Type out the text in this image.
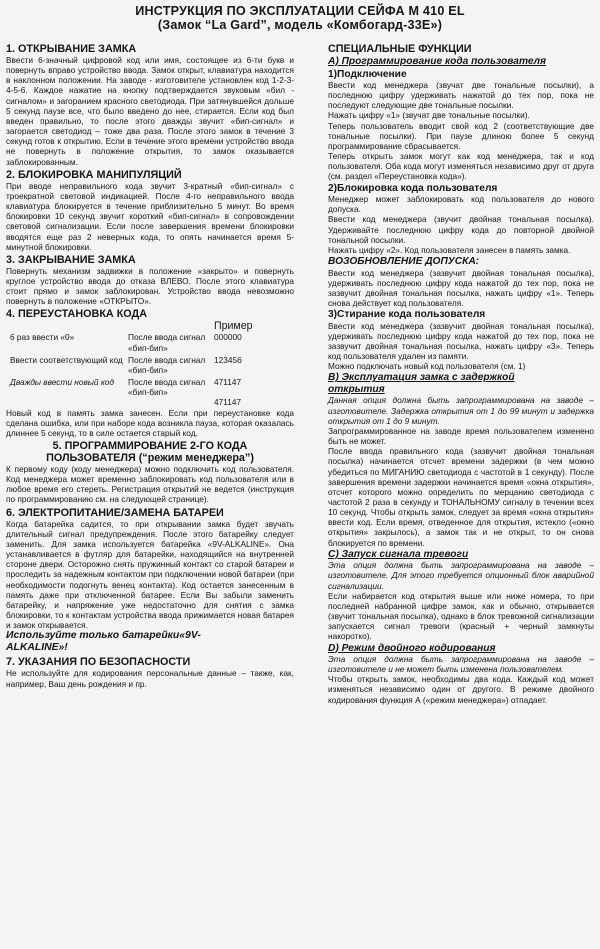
ИНСТРУКЦИЯ ПО ЭКСПЛУАТАЦИИ СЕЙФА М 410 EL
(Замок “La Gard”, модель «Комбогард-33Е»)
1. ОТКРЫВАНИЕ ЗАМКА

Ввести 6-значный цифровой код или имя, состоящее из 6-ти букв и повернуть вправо устройство ввода. Замок открыт, клавиатура находится в наклонном положении. На заводе - изготовителе установлен код 1-2-3-4-5-6. Каждое нажатие на кнопку подтверждается звуковым «бил - сигналом» и загоранием красного светодиода. При затянувшейся дольше 5 секунд паузе все, что было введено до нее, стирается. Если код был введен правильно, то после этого дважды звучит «бип-сигнал» и загорается светодиод – тоже два раза. После этого замок в течение 3 секунд готов к открытию. Если в течение этого времени устройство ввода не повернуть в положение открытия, то замок оказывается заблокированным.

2. БЛОКИРОВКА МАНИПУЛЯЦИЙ

При вводе неправильного кода звучит 3-кратный «бип-сигнал» с троекратной световой индикацией. После 4-го неправильного ввода клавиатура блокируется в течение приблизительно 5 минут. Во время блокировки 10 секунд звучит короткий «бип-сигнал» в сопровождении световой сигнализации. Если после завершения времени блокировки вводятся еще раз 2 неверных кода, то опять начинается время 5-минутной блокировки.

3. ЗАКРЫВАНИЕ ЗАМКА

Повернуть механизм задвижки в положение «закрыто» и повернуть круглое устройство ввода до отказа ВЛЕВО. После этого клавиатура стоит прямо и замок заблокирован. Устройство ввода невозможно повернуть в положение «ОТКРЫТО».

4. ПЕРЕУСТАНОВКА КОДА
		Пример
6 раз ввести «0»	После ввода сигнал «бип-бип»	000000

Ввести соответствующий код	После ввода сигнал «бип-бип»	123456

Дважды ввести новый код	После ввода сигнал «бип-бип»	471147
		471147

Новый код в память замка занесен. Если при переустановке кода сделана ошибка, или при наборе кода возникла пауза, которая оказалась длиннее 5 секунд, то в силе остается старый код.

5. ПРОГРАММИРОВАНИЕ 2-ГО КОДА
ПОЛЬЗОВАТЕЛЯ (“режим менеджера”)

К первому коду (коду менеджера) можно подключить код пользователя. Код менеджера может временно заблокировать код пользователя или в любое время его стереть. Регистрация открытий не ведется (инструкция по программированию см. на следующей странице).

6. ЭЛЕКТРОПИТАНИЕ/ЗАМЕНА БАТАРЕИ

Когда батарейка садится, то при открывании замка будет звучать длительный сигнал предупреждения. После этого батарейку следует заменить. Для замка используется батарейка «9V-ALKALINE». Она устанавливается в футляр для батарейки, находящийся на внутренней стороне двери. Осторожно снять пружинный контакт со старой батареи и проследить за надежным контактом при подключении новой батареи (при необходимости подогнуть венец контакта). Код остается занесенным в память даже при отключенной батарее. Если Вы забыли заменить батарейку, и напряжение уже недостаточно для снятия с замка блокировки, то к контактам устройства ввода прижимается новая батарея и замок открывается.

Используйте только батарейки«9V-

ALKALINE»!

7. УКАЗАНИЯ ПО БЕЗОПАСНОСТИ

Не используйте для кодирования персональные данные – также, как, например, Ваш день рождения и пр.

СПЕЦИАЛЬНЫЕ ФУНКЦИИ
А) Программирование кода пользователя
1)Подключение

Ввести код менеджера (звучат две тональные посылки), а последнюю цифру удерживать нажатой до тех пор, пока не последуют следующие две тональные посылки.
Нажать цифру «1» (звучат две тональные посылки).
Теперь пользователь вводит свой код 2 (соответствующие две тональные посылки). При паузе длиною более 5 секунд программирование сбрасывается.
Теперь открыть замок могут как код менеджера, так и код пользователя. Оба кода могут изменяться независимо друг от друга (см. раздел «Переустановка кода»).

2)Блокировка кода пользователя

Менеджер может заблокировать код пользователя до нового допуска.
Ввести код менеджера (звучит двойная тональная посылка). Удерживайте последнюю цифру кода до повторной двойной тональной посылки.
Нажать цифру «2». Код пользователя занесен в память замка.

ВОЗОБНОВЛЕНИЕ ДОПУСКА:

Ввести код менеджера (зазвучит двойная тональная посылка), удерживать последнюю цифру кода нажатой до тех пор, пока не зазвучит двойная тональная посылка, нажать цифру «1». Теперь снова действует код пользователя.

3)Стирание кода пользователя

Ввести код менеджера (зазвучит двойная тональная посылка), удерживать последнюю цифру кода нажатой до тех пор, пока не зазвучит двойная тональная посылка, нажать цифру «3». Теперь код пользователя удален из памяти.
Можно подключать новый код пользователя (см. 1)

В) Эксплуатация замка с задержкой
открытия

Данная опция должна быть запрограммирована на заводе – изготовителе. Задержка открытия от 1 до 99 минут и задержка открытия от 1 до 9 минут.

Запрограммированное на заводе время пользователем изменено быть не может.
После ввода правильного кода (зазвучит двойная тональная посылка) начинается отсчет времени задержки (в чем можно убедиться по МИГАНИЮ светодиода с частотой в 1 секунду). После завершения времени задержки начинается время «окна открытия», отсчет которого можно определить по мерцанию светодиода с частотой 2 раза в секунду и ТОНАЛЬНОМУ сигналу в течении всех 10 секунд. Чтобы открыть замок, следует за время «окна открытия» ввести код. Если время, отведенное для открытия, истекло («окно открытия» закрылось), а замок так и не открыт, то он снова блокируется по времени.

С) Запуск сигнала тревоги

Эта опция должна быть запрограммирована на заводе – изготовителе. Для этого требуется опционный блок аварийной сигнализации.

Если набирается код открытия выше или ниже номера, то при последней набранной цифре замок, как и обычно, открывается (звучит тональная посылка), однако в блок тревожной сигнализации запускается сигнал тревоги (красный + черный замкнуты накоротко).

D) Режим двойного кодирования

Эта опция должна быть запрограммирована на заводе – изготовителе и не может быть изменена пользователем.

Чтобы открыть замок, необходимы два кода. Каждый код может изменяться независимо один от другого. В режиме двойного кодирования функция А («режим менеджера») отпадает.
